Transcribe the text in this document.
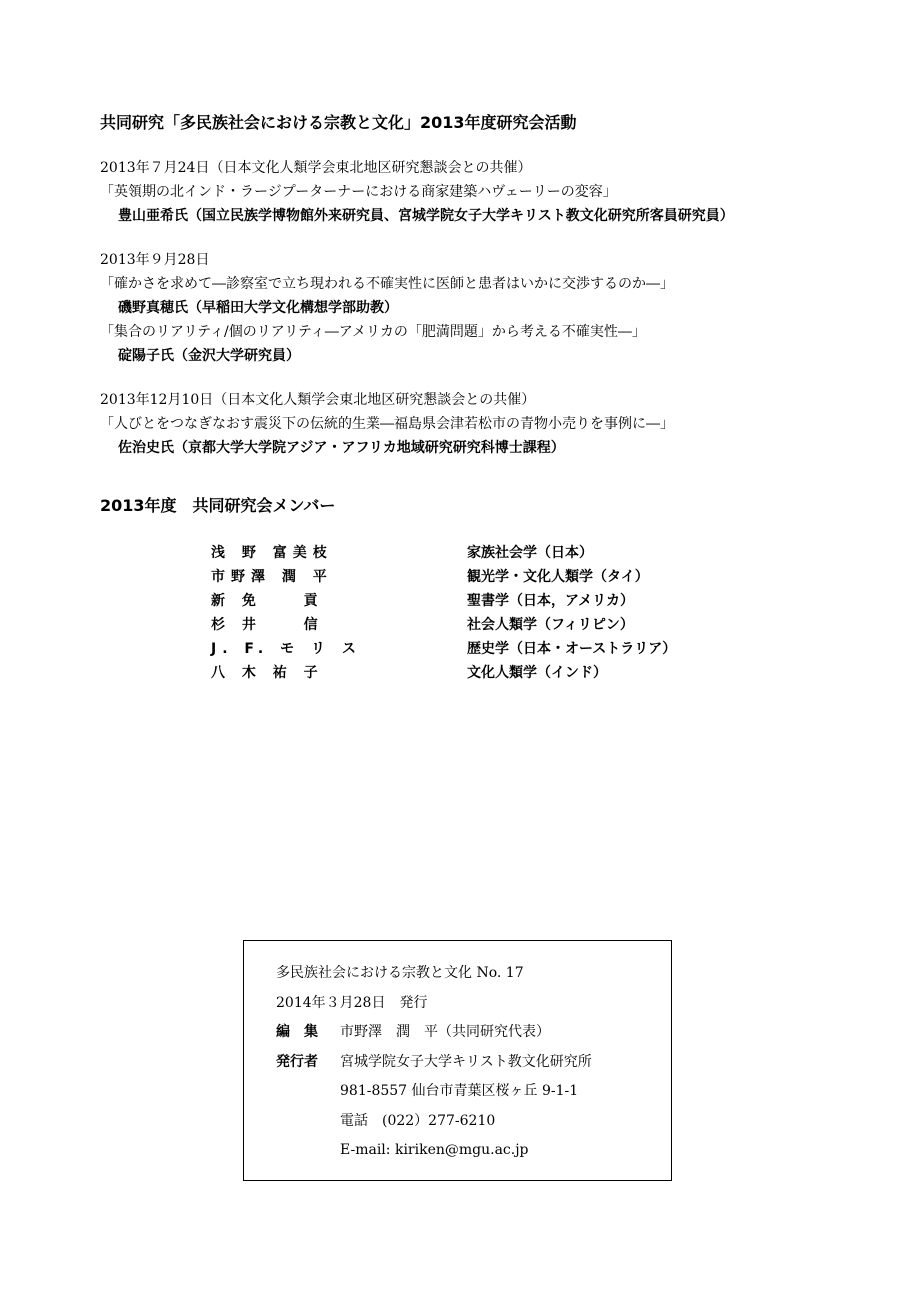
共同研究「多民族社会における宗教と文化」2013年度研究会活動
2013年７月24日（日本文化人類学会東北地区研究懇談会との共催）
「英領期の北インド・ラージプーターナーにおける商家建築ハヴェーリーの変容」
豊山亜希氏（国立民族学博物館外来研究員、宮城学院女子大学キリスト教文化研究所客員研究員）
2013年９月28日
「確かさを求めて―診察室で立ち現われる不確実性に医師と患者はいかに交渉するのか―」
磯野真穂氏（早稲田大学文化構想学部助教）
「集合のリアリティ/個のリアリティ―アメリカの「肥満問題」から考える不確実性―」
碇陽子氏（金沢大学研究員）
2013年12月10日（日本文化人類学会東北地区研究懇談会との共催）
「人びとをつなぎなおす震災下の伝統的生業―福島県会津若松市の青物小売りを事例に―」
佐治史氏（京都大学大学院アジア・アフリカ地域研究研究科博士課程）
2013年度　共同研究会メンバー
浅 野 富美枝	家族社会学（日本）
市野澤 潤 平	観光学・文化人類学（タイ）
新 免 　 貢	聖書学（日本，アメリカ）
杉 井 　 信	社会人類学（フィリピン）
J. F. モ リ ス	歴史学（日本・オーストラリア）
八 木 祐 子	文化人類学（インド）
多民族社会における宗教と文化 No. 17
2014年３月28日　発行
編　集 市野澤　潤　平（共同研究代表）
発行者 宮城学院女子大学キリスト教文化研究所
981-8557 仙台市青葉区桜ヶ丘 9-1-1
電話　(022）277-6210
E-mail: kiriken@mgu.ac.jp
